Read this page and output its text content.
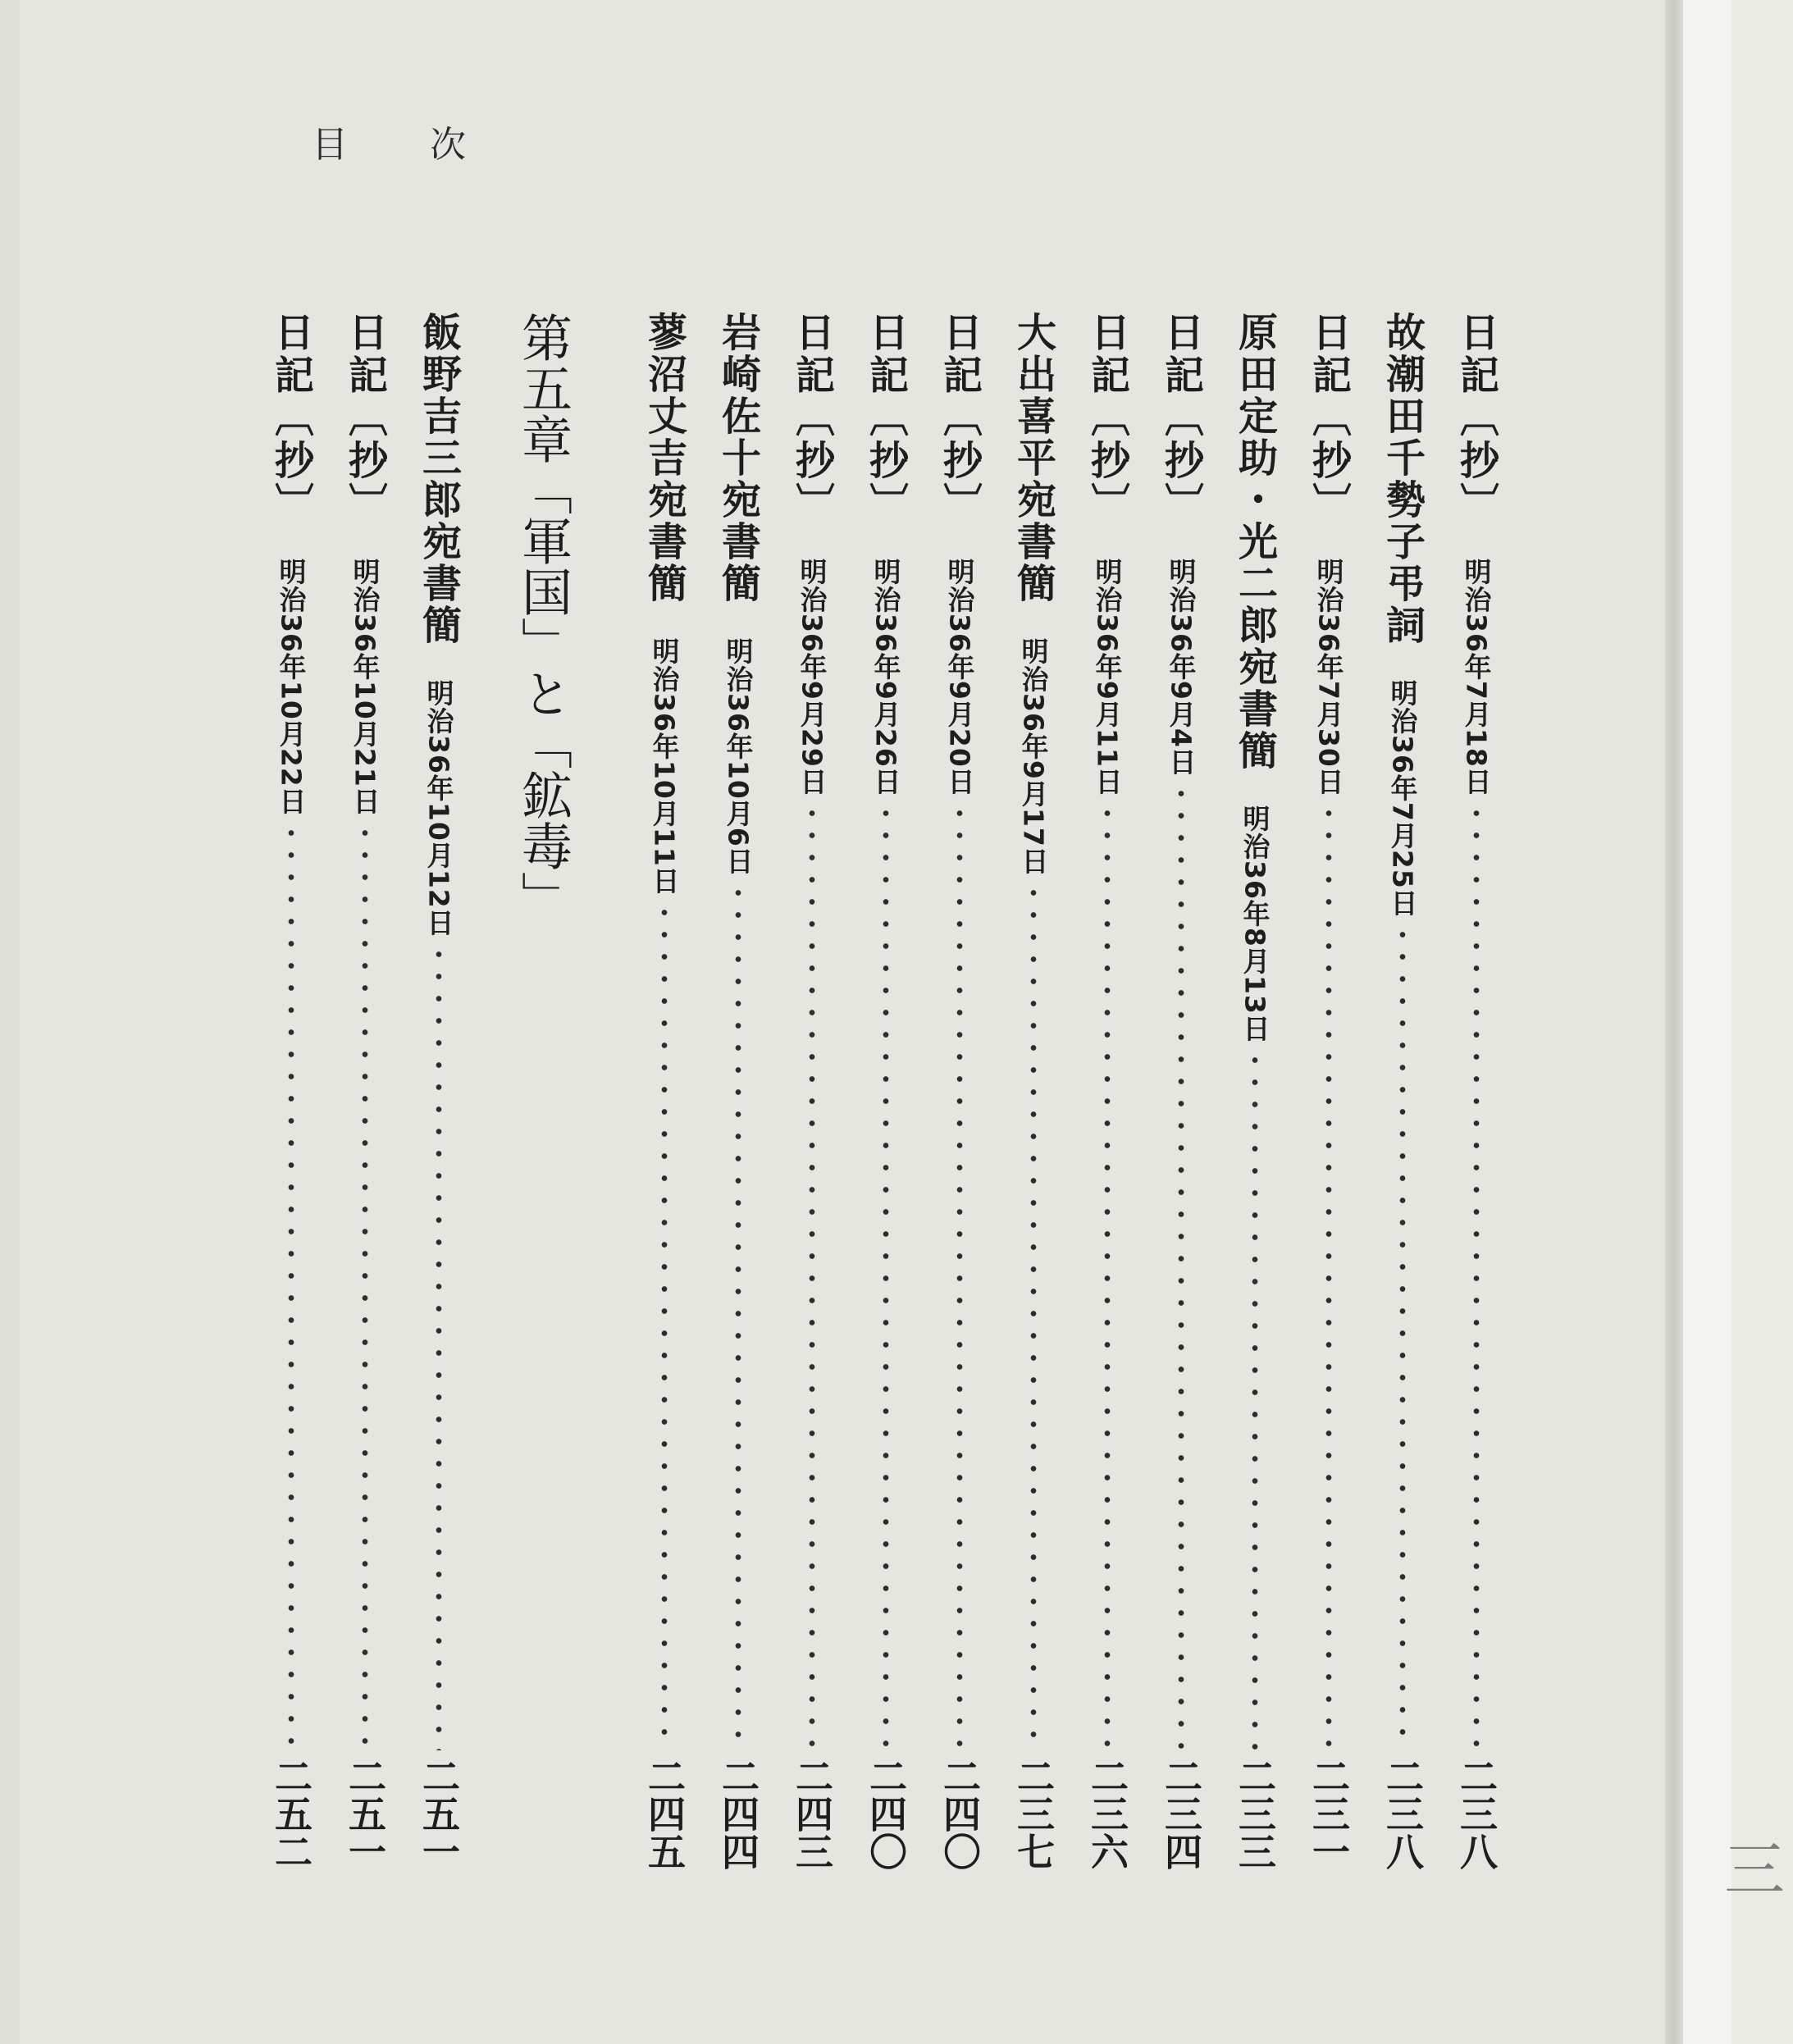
三
目次
日記〔抄〕
明治36年7月18日
二三八
故潮田千勢子弔詞
明治36年7月25日
二三八
日記〔抄〕
明治36年7月30日
二三一
原田定助・光二郎宛書簡
明治36年8月13日
二三三
日記〔抄〕
明治36年9月4日
二三四
日記〔抄〕
明治36年9月11日
二三六
大出喜平宛書簡
明治36年9月17日
二三七
日記〔抄〕
明治36年9月20日
二四〇
日記〔抄〕
明治36年9月26日
二四〇
日記〔抄〕
明治36年9月29日
二四三
岩崎佐十宛書簡
明治36年10月6日
二四四
蓼沼丈吉宛書簡
明治36年10月11日
二四五
第五章「軍国」と「鉱毒」
飯野吉三郎宛書簡
明治36年10月12日
二五一
日記〔抄〕
明治36年10月21日
二五一
日記〔抄〕
明治36年10月22日
二五二
